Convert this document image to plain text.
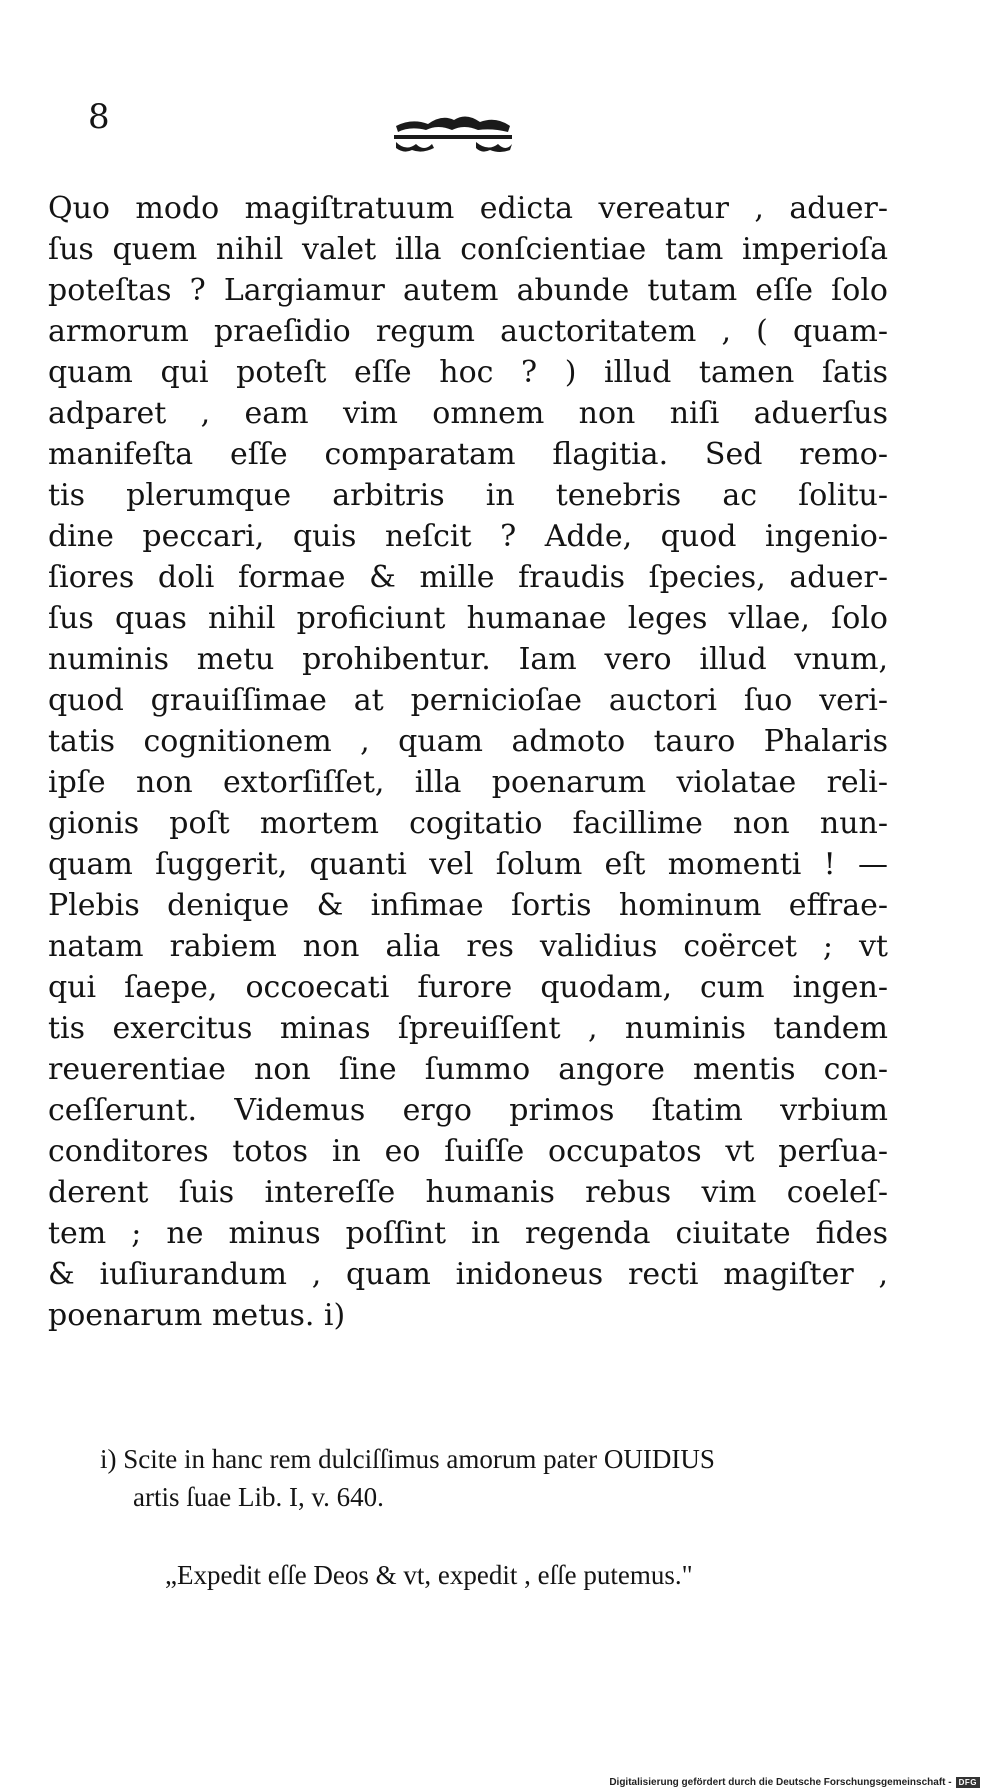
8
Quo modo magiſtratuum edicta vereatur , aduer-
ſus quem nihil valet illa conſcientiae tam imperioſa
poteſtas ? Largiamur autem abunde tutam eſſe ſolo
armorum praeſidio regum auctoritatem , ( quam-
quam qui poteſt eſſe hoc ? ) illud tamen ſatis
adparet , eam vim omnem non niſi aduerſus
manifeſta eſſe comparatam flagitia. Sed remo-
tis plerumque arbitris in tenebris ac ſolitu-
dine peccari, quis neſcit ? Adde, quod ingenio-
ſiores doli formae & mille fraudis ſpecies, aduer-
ſus quas nihil proficiunt humanae leges vllae, ſolo
numinis metu prohibentur. Iam vero illud vnum,
quod grauiſſimae at pernicioſae auctori ſuo veri-
tatis cognitionem , quam admoto tauro Phalaris
ipſe non extorſiſſet, illa poenarum violatae reli-
gionis poſt mortem cogitatio facillime non nun-
quam ſuggerit, quanti vel ſolum eſt momenti ! —
Plebis denique & infimae ſortis hominum effrae-
natam rabiem non alia res validius coërcet ; vt
qui ſaepe, occoecati furore quodam, cum ingen-
tis exercitus minas ſpreuiſſent , numinis tandem
reuerentiae non ſine ſummo angore mentis con-
ceſſerunt. Videmus ergo primos ſtatim vrbium
conditores totos in eo ſuiſſe occupatos vt perſua-
derent ſuis intereſſe humanis rebus vim coeleſ-
tem ; ne minus poſſint in regenda ciuitate fides
& iuſiurandum , quam inidoneus recti magiſter ,
poenarum metus. i)
i) Scite in hanc rem dulciſſimus amorum pater OUIDIUS
artis ſuae Lib. I, v. 640.
„Expedit eſſe Deos & vt, expedit , eſſe putemus."
Digitalisierung gefördert durch die Deutsche Forschungsgemeinschaft - DFG
